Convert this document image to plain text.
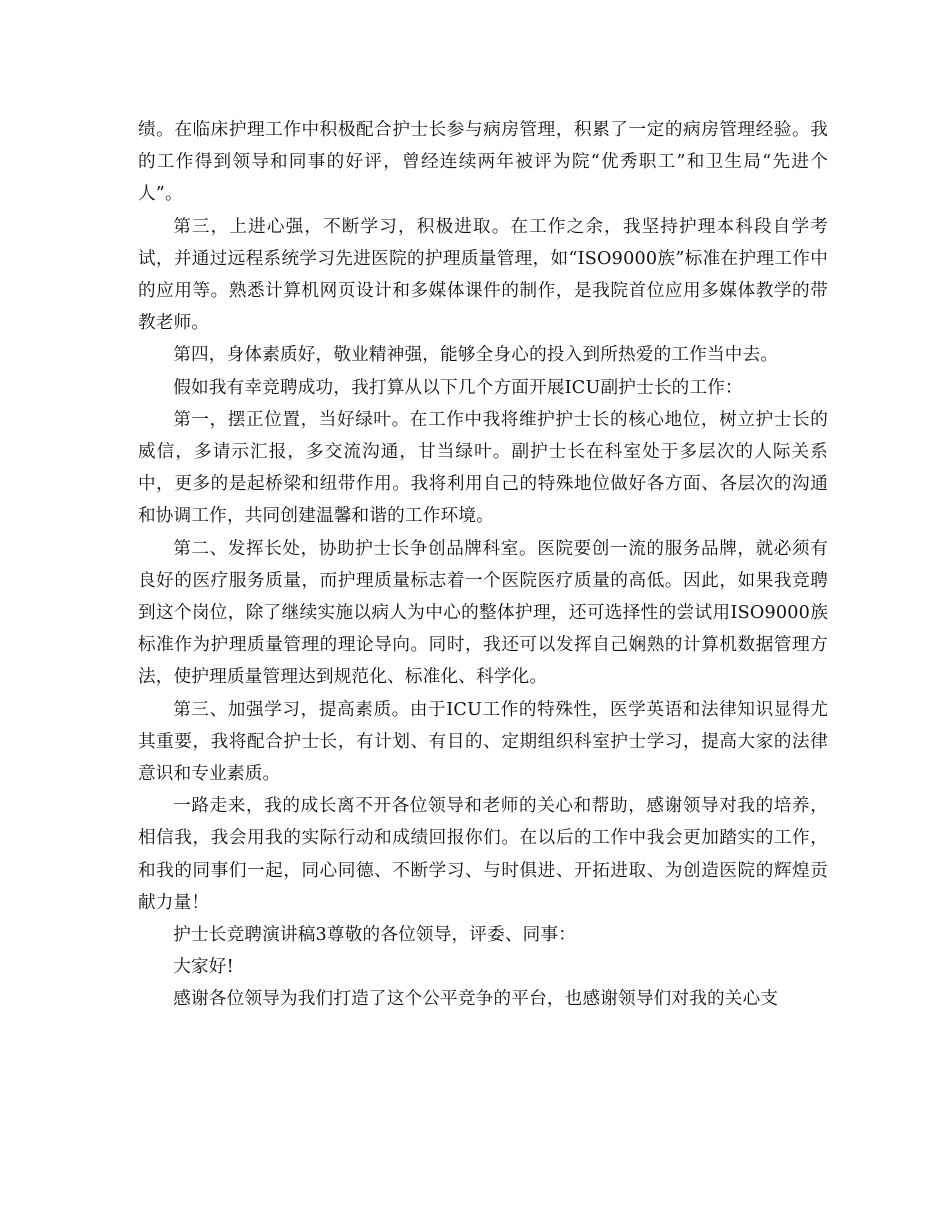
绩。在临床护理工作中积极配合护士长参与病房管理，积累了一定的病房管理经验。我的工作得到领导和同事的好评，曾经连续两年被评为院“优秀职工”和卫生局“先进个人”。

第三，上进心强，不断学习，积极进取。在工作之余，我坚持护理本科段自学考试，并通过远程系统学习先进医院的护理质量管理，如“ISO9000族”标准在护理工作中的应用等。熟悉计算机网页设计和多媒体课件的制作，是我院首位应用多媒体教学的带教老师。

第四，身体素质好，敬业精神强，能够全身心的投入到所热爱的工作当中去。

假如我有幸竞聘成功，我打算从以下几个方面开展ICU副护士长的工作：

第一，摆正位置，当好绿叶。在工作中我将维护护士长的核心地位，树立护士长的威信，多请示汇报，多交流沟通，甘当绿叶。副护士长在科室处于多层次的人际关系中，更多的是起桥梁和纽带作用。我将利用自己的特殊地位做好各方面、各层次的沟通和协调工作，共同创建温馨和谐的工作环境。

第二、发挥长处，协助护士长争创品牌科室。医院要创一流的服务品牌，就必须有良好的医疗服务质量，而护理质量标志着一个医院医疗质量的高低。因此，如果我竞聘到这个岗位，除了继续实施以病人为中心的整体护理，还可选择性的尝试用ISO9000族标准作为护理质量管理的理论导向。同时，我还可以发挥自己娴熟的计算机数据管理方法，使护理质量管理达到规范化、标准化、科学化。

第三、加强学习，提高素质。由于ICU工作的特殊性，医学英语和法律知识显得尤其重要，我将配合护士长，有计划、有目的、定期组织科室护士学习，提高大家的法律意识和专业素质。

一路走来，我的成长离不开各位领导和老师的关心和帮助，感谢领导对我的培养，相信我，我会用我的实际行动和成绩回报你们。在以后的工作中我会更加踏实的工作，和我的同事们一起，同心同德、不断学习、与时俱进、开拓进取、为创造医院的辉煌贡献力量！

护士长竞聘演讲稿3尊敬的各位领导，评委、同事：

大家好!

感谢各位领导为我们打造了这个公平竞争的平台，也感谢领导们对我的关心支
